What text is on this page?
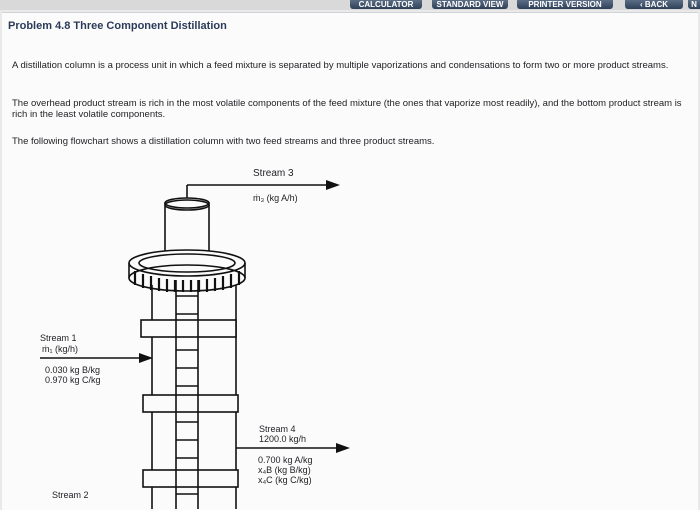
CALCULATOR	STANDARD VIEW	PRINTER VERSION	‹ BACK	N
Problem 4.8 Three Component Distillation
A distillation column is a process unit in which a feed mixture is separated by multiple vaporizations and condensations to form two or more product streams.
The overhead product stream is rich in the most volatile components of the feed mixture (the ones that vaporize most readily), and the bottom product stream is rich in the least volatile components.
The following flowchart shows a distillation column with two feed streams and three product streams.
Stream 3
ṁ₃ (kg A/h)
Stream 1
ṁ₁ (kg/h)
0.030 kg B/kg
0.970 kg C/kg
Stream 4
1200.0 kg/h
0.700 kg A/kg
x₄B (kg B/kg)
x₄C (kg C/kg)
Stream 2
